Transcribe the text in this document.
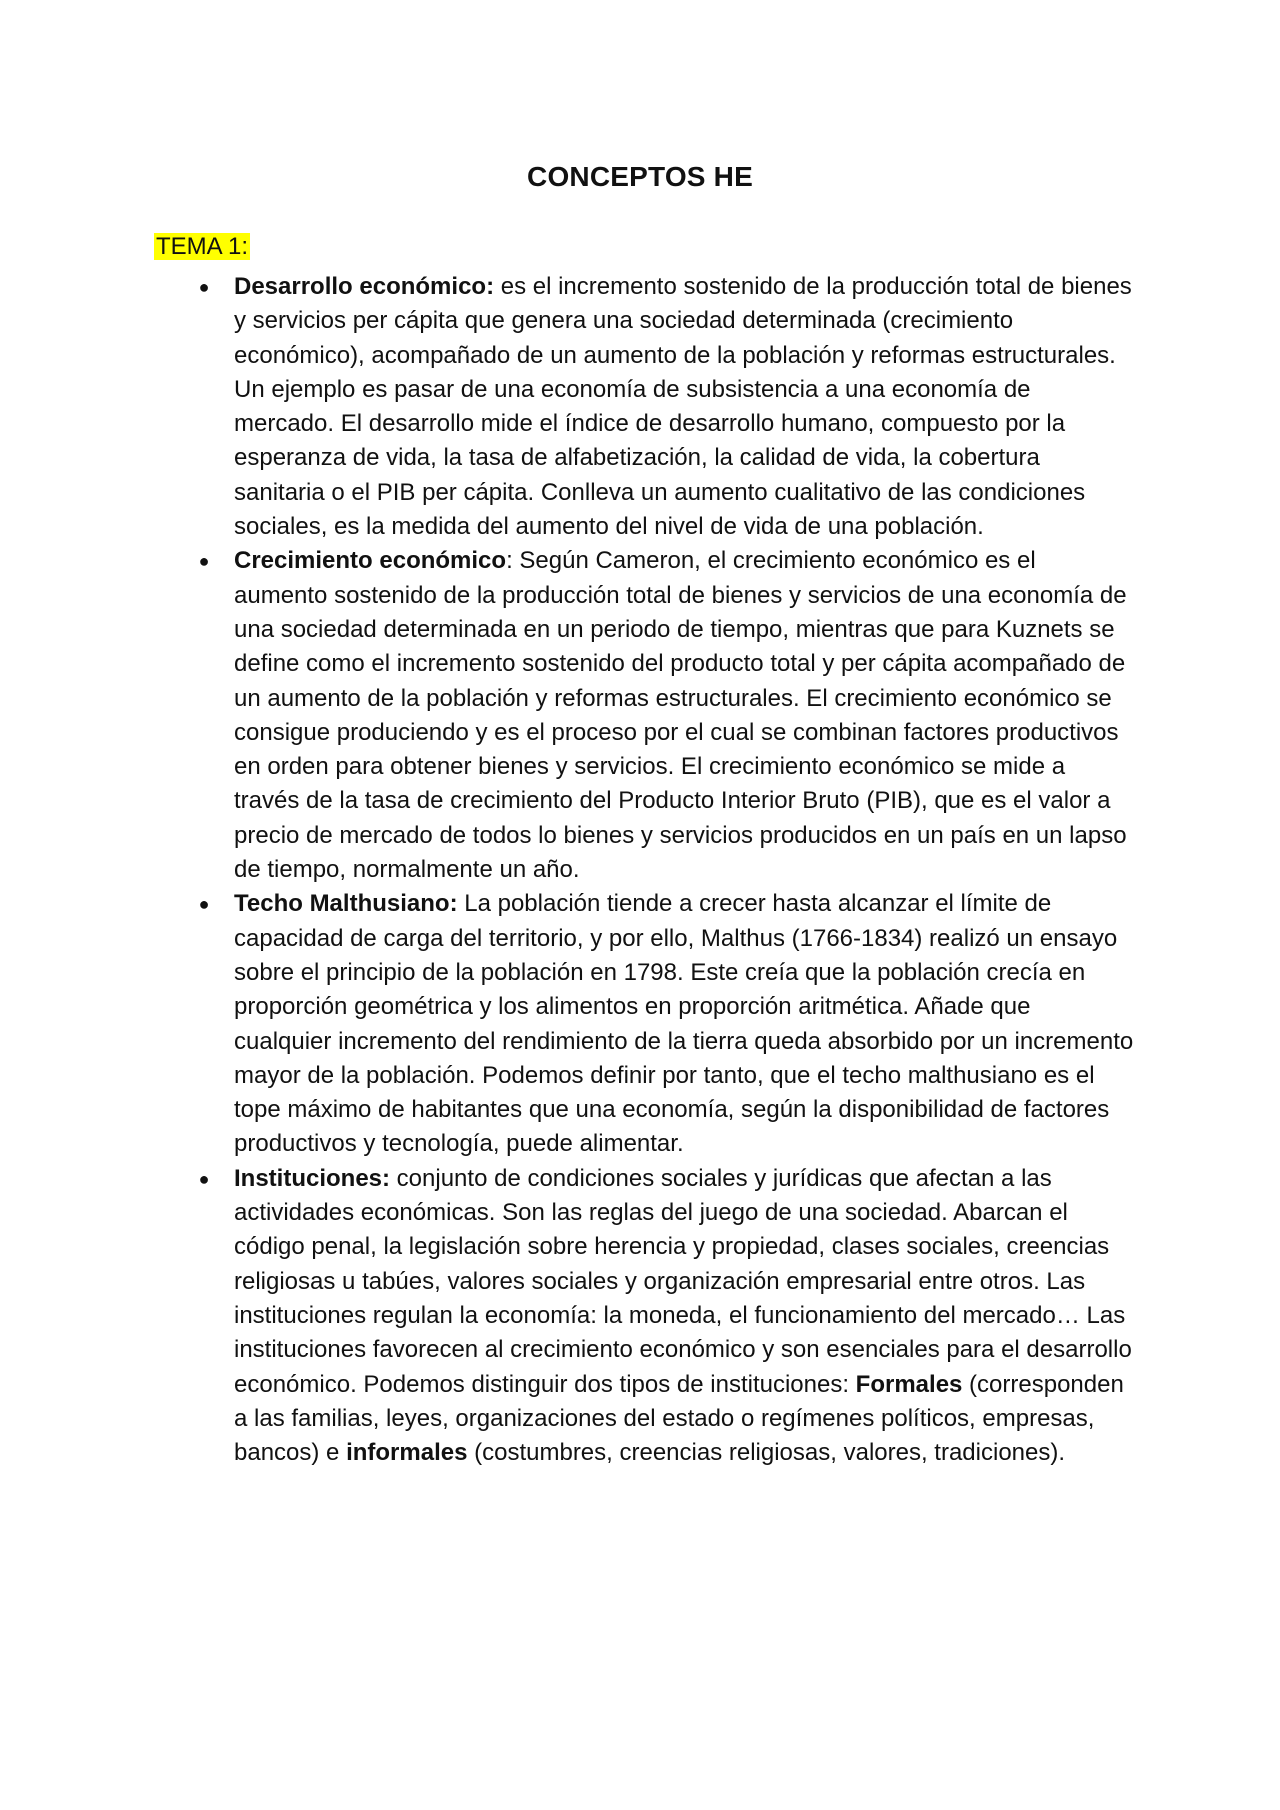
CONCEPTOS HE
TEMA 1:
● Desarrollo económico: es el incremento sostenido de la producción total de bienes y servicios per cápita que genera una sociedad determinada (crecimiento económico), acompañado de un aumento de la población y reformas estructurales. Un ejemplo es pasar de una economía de subsistencia a una economía de mercado. El desarrollo mide el índice de desarrollo humano, compuesto por la esperanza de vida, la tasa de alfabetización, la calidad de vida, la cobertura sanitaria o el PIB per cápita. Conlleva un aumento cualitativo de las condiciones sociales, es la medida del aumento del nivel de vida de una población.
● Crecimiento económico: Según Cameron, el crecimiento económico es el aumento sostenido de la producción total de bienes y servicios de una economía de una sociedad determinada en un periodo de tiempo, mientras que para Kuznets se define como el incremento sostenido del producto total y per cápita acompañado de un aumento de la población y reformas estructurales. El crecimiento económico se consigue produciendo y es el proceso por el cual se combinan factores productivos en orden para obtener bienes y servicios. El crecimiento económico se mide a través de la tasa de crecimiento del Producto Interior Bruto (PIB), que es el valor a precio de mercado de todos lo bienes y servicios producidos en un país en un lapso de tiempo, normalmente un año.
● Techo Malthusiano: La población tiende a crecer hasta alcanzar el límite de capacidad de carga del territorio, y por ello, Malthus (1766-1834) realizó un ensayo sobre el principio de la población en 1798. Este creía que la población crecía en proporción geométrica y los alimentos en proporción aritmética. Añade que cualquier incremento del rendimiento de la tierra queda absorbido por un incremento mayor de la población. Podemos definir por tanto, que el techo malthusiano es el tope máximo de habitantes que una economía, según la disponibilidad de factores productivos y tecnología, puede alimentar.
● Instituciones: conjunto de condiciones sociales y jurídicas que afectan a las actividades económicas. Son las reglas del juego de una sociedad. Abarcan el código penal, la legislación sobre herencia y propiedad, clases sociales, creencias religiosas u tabúes, valores sociales y organización empresarial entre otros. Las instituciones regulan la economía: la moneda, el funcionamiento del mercado… Las instituciones favorecen al crecimiento económico y son esenciales para el desarrollo económico. Podemos distinguir dos tipos de instituciones: Formales (corresponden a las familias, leyes, organizaciones del estado o regímenes políticos, empresas, bancos) e informales (costumbres, creencias religiosas, valores, tradiciones).
